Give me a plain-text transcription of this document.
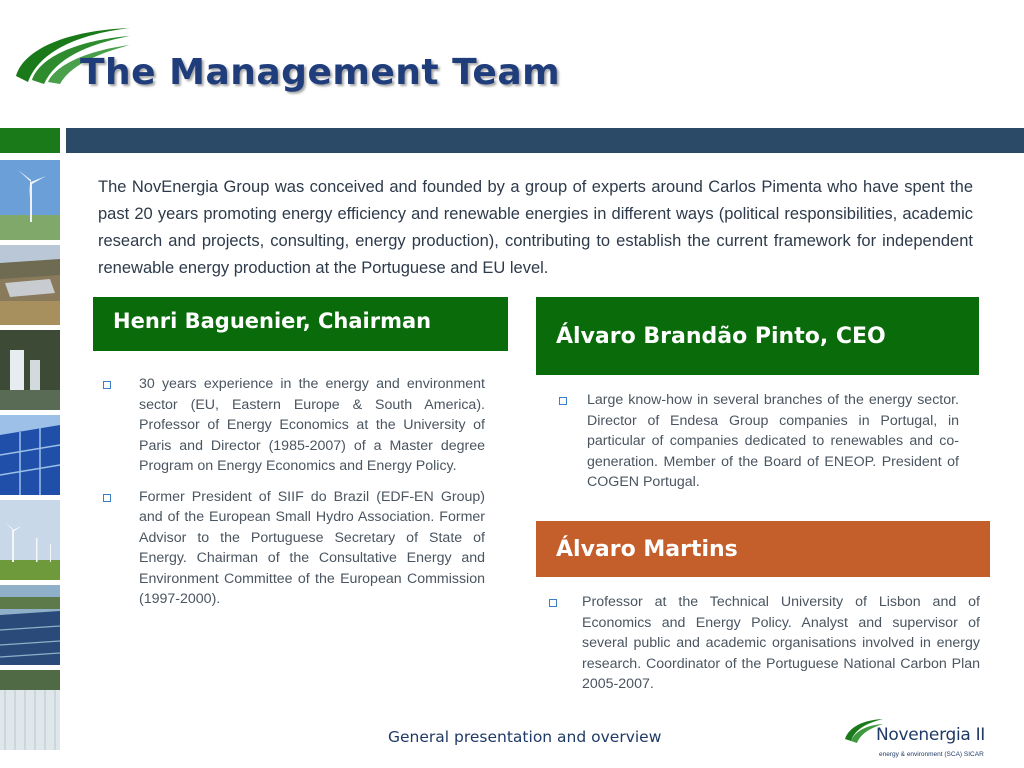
The Management Team

The NovEnergia Group was conceived and founded by a group of experts around Carlos Pimenta who have spent the past 20 years promoting energy efficiency and renewable energies in different ways (political responsibilities, academic research and projects, consulting, energy production), contributing to establish the current framework for independent renewable energy production at the Portuguese and EU level.

Henri Baguenier, Chairman
30 years experience in the energy and environment sector (EU, Eastern Europe & South America). Professor of Energy Economics at the University of Paris and Director (1985-2007) of a Master degree Program on Energy Economics and Energy Policy.
Former President of SIIF do Brazil (EDF-EN Group) and of the European Small Hydro Association. Former Advisor to the Portuguese Secretary of State of Energy. Chairman of the Consultative Energy and Environment Committee of the European Commission (1997-2000).
Álvaro Brandão Pinto, CEO
Large know-how in several branches of the energy sector. Director of Endesa Group companies in Portugal, in particular of companies dedicated to renewables and co-generation. Member of the Board of ENEOP. President of COGEN Portugal.
Álvaro Martins
Professor at the Technical University of Lisbon and of Economics and Energy Policy. Analyst and supervisor of several public and academic organisations involved in energy research. Coordinator of the Portuguese National Carbon Plan 2005-2007.

General presentation and overview	Novenergia II
energy & environment (SCA) SICAR
